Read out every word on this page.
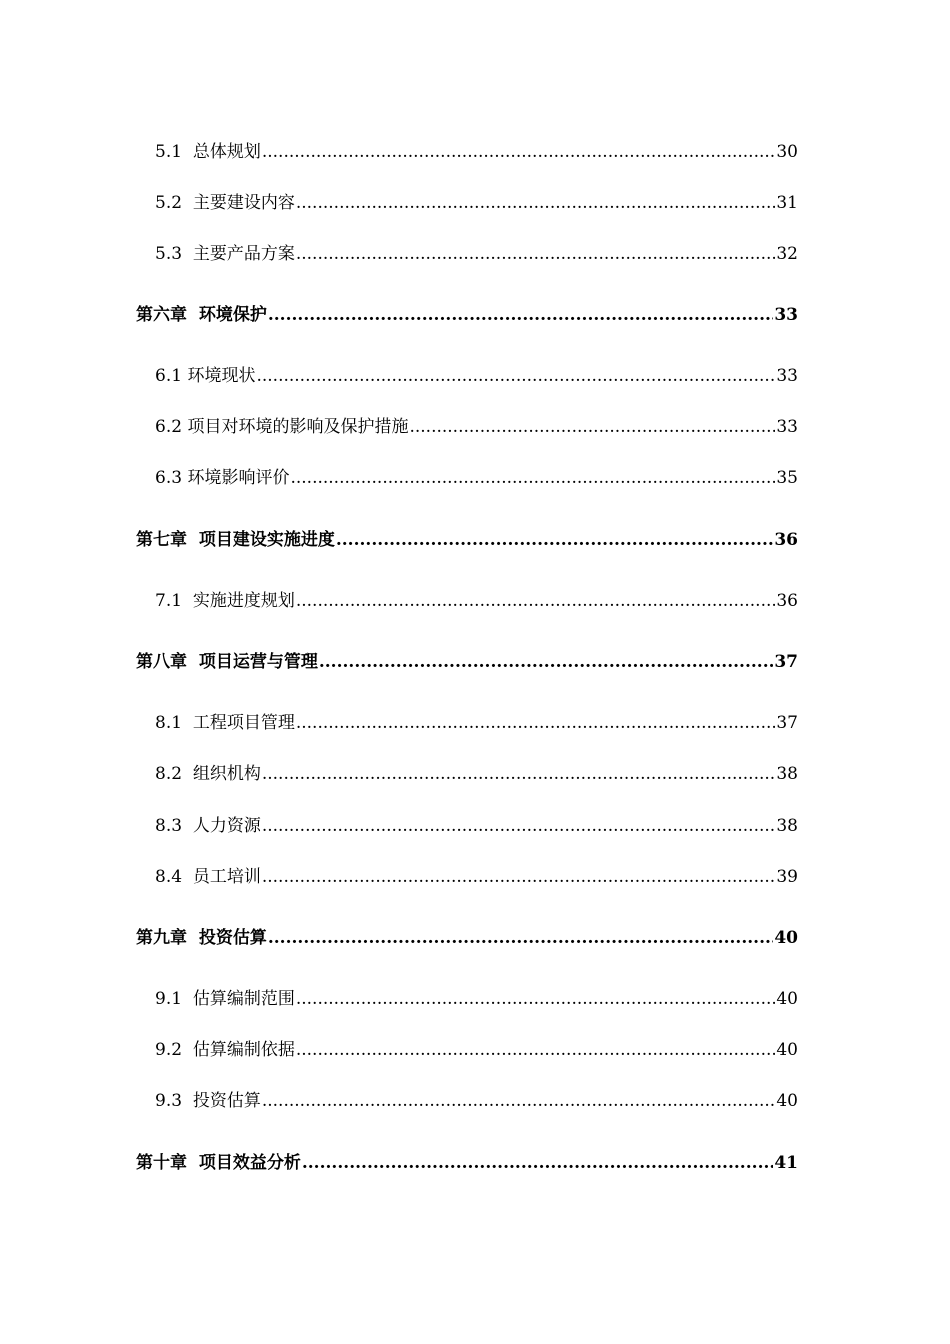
5.1  总体规划 .....	30
5.2  主要建设内容 .....	31
5.3  主要产品方案 .....	32
第六章  环境保护 .....	33
6.1 环境现状 .....	33
6.2 项目对环境的影响及保护措施 .....	33
6.3 环境影响评价 .....	35
第七章  项目建设实施进度 .....	36
7.1  实施进度规划 .....	36
第八章  项目运营与管理 .....	37
8.1  工程项目管理 .....	37
8.2  组织机构 .....	38
8.3  人力资源 .....	38
8.4  员工培训 .....	39
第九章  投资估算 .....	40
9.1  估算编制范围 .....	40
9.2  估算编制依据 .....	40
9.3  投资估算 .....	40
第十章  项目效益分析 .....	41
